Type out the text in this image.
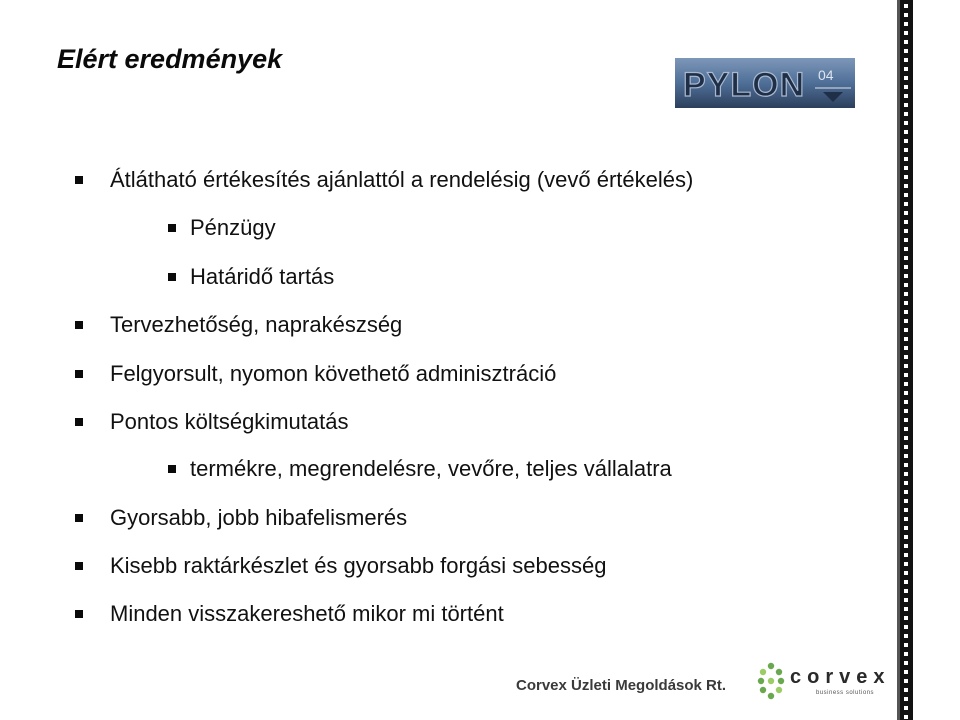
Elért eredmények
PYLON 04
Átlátható értékesítés ajánlattól a rendelésig (vevő értékelés)
Pénzügy
Határidő tartás
Tervezhetőség, naprakészség
Felgyorsult, nyomon követhető adminisztráció
Pontos költségkimutatás
termékre, megrendelésre, vevőre, teljes vállalatra
Gyorsabb, jobb hibafelismerés
Kisebb raktárkészlet és gyorsabb forgási sebesség
Minden visszakereshető mikor mi történt
Corvex Üzleti Megoldások Rt.	corvex
business solutions
